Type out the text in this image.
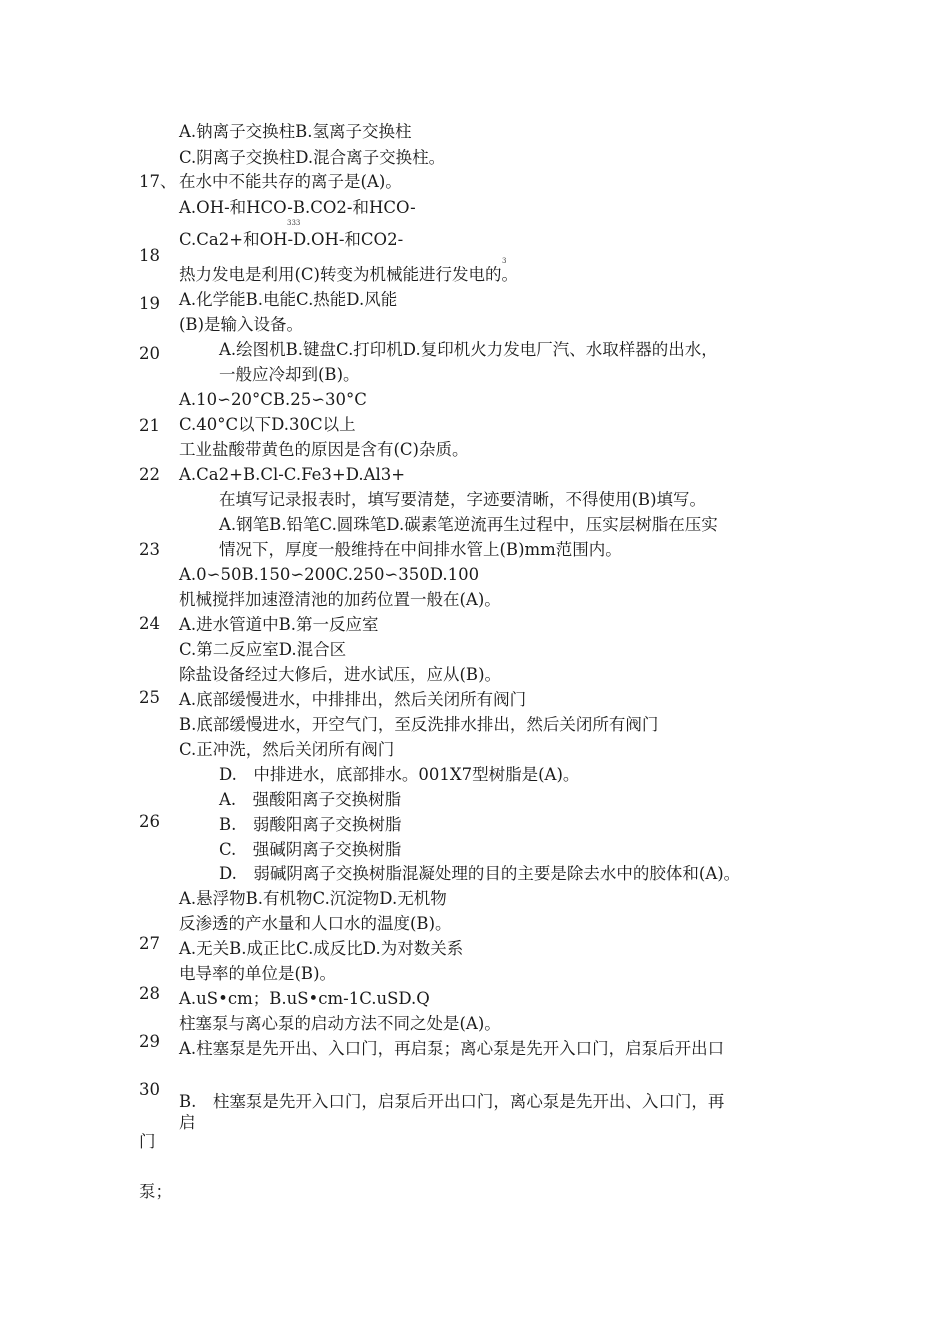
17、
18
19
20
21
22
23
24
25
26
27
28
29
30
门
泵；
A.钠离子交换柱B.氢离子交换柱
C.阴离子交换柱D.混合离子交换柱。
在水中不能共存的离子是(A)。
A.OH-和HCO-B.CO2-和HCO-
333
C.Ca2+和OH-D.OH-和CO2-
3
热力发电是利用(C)转变为机械能进行发电的。
A.化学能B.电能C.热能D.风能
(B)是输入设备。
A.绘图机B.键盘C.打印机D.复印机火力发电厂汽、水取样器的出水，
一般应冷却到(B)。
A.10∽20°CB.25∽30°C
C.40°C以下D.30C以上
工业盐酸带黄色的原因是含有(C)杂质。
A.Ca2+B.Cl-C.Fe3+D.Al3+
在填写记录报表时，填写要清楚，字迹要清晰，不得使用(B)填写。
A.钢笔B.铅笔C.圆珠笔D.碳素笔逆流再生过程中，压实层树脂在压实
情况下，厚度一般维持在中间排水管上(B)mm范围内。
A.0∽50B.150∽200C.250∽350D.100
机械搅拌加速澄清池的加药位置一般在(A)。
A.进水管道中B.第一反应室
C.第二反应室D.混合区
除盐设备经过大修后，进水试压，应从(B)。
A.底部缓慢进水，中排排出，然后关闭所有阀门
B.底部缓慢进水，开空气门，至反洗排水排出，然后关闭所有阀门
C.正冲洗，然后关闭所有阀门
D.　中排进水，底部排水。001X7型树脂是(A)。
A.　强酸阳离子交换树脂
B.　弱酸阳离子交换树脂
C.　强碱阴离子交换树脂
D.　弱碱阴离子交换树脂混凝处理的目的主要是除去水中的胶体和(A)。
A.悬浮物B.有机物C.沉淀物D.无机物
反渗透的产水量和人口水的温度(B)。
A.无关B.成正比C.成反比D.为对数关系
电导率的单位是(B)。
A.uS•cm；B.uS•cm-1C.uSD.Q
柱塞泵与离心泵的启动方法不同之处是(A)。
A.柱塞泵是先开出、入口门，再启泵；离心泵是先开入口门，启泵后开出口
B.　柱塞泵是先开入口门，启泵后开出口门，离心泵是先开出、入口门，再
启
